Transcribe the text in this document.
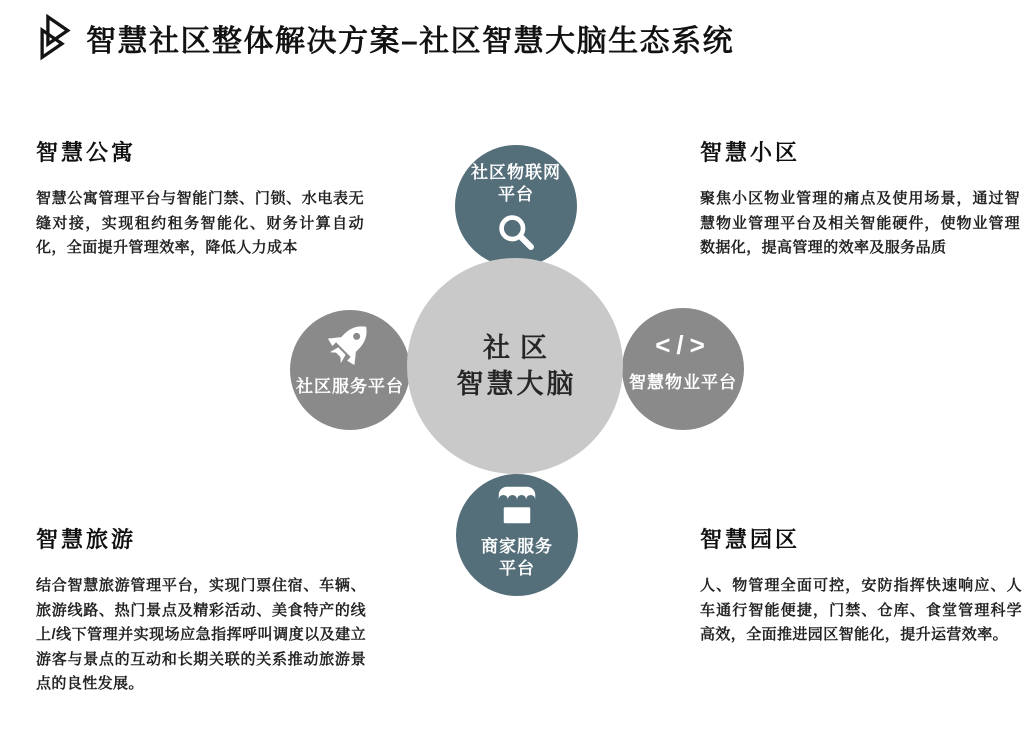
智慧社区整体解决方案–社区智慧大脑生态系统
智慧公寓

智慧公寓管理平台与智能门禁、门锁、水电表无缝对接，实现租约租务智能化、财务计算自动化，全面提升管理效率，降低人力成本

智慧小区

聚焦小区物业管理的痛点及使用场景，通过智慧物业管理平台及相关智能硬件，使物业管理数据化，提高管理的效率及服务品质

智慧旅游

结合智慧旅游管理平台，实现门票住宿、车辆、旅游线路、热门景点及精彩活动、美食特产的线上/线下管理并实现场应急指挥呼叫调度以及建立游客与景点的互动和长期关联的关系推动旅游景点的良性发展。

智慧园区

人、物管理全面可控，安防指挥快速响应、人车通行智能便捷，门禁、仓库、食堂管理科学高效，全面推进园区智能化，提升运营效率。

社区物联网
平台
社区服务平台
</>
智慧物业平台
社区
智慧大脑
商家服务
平台
